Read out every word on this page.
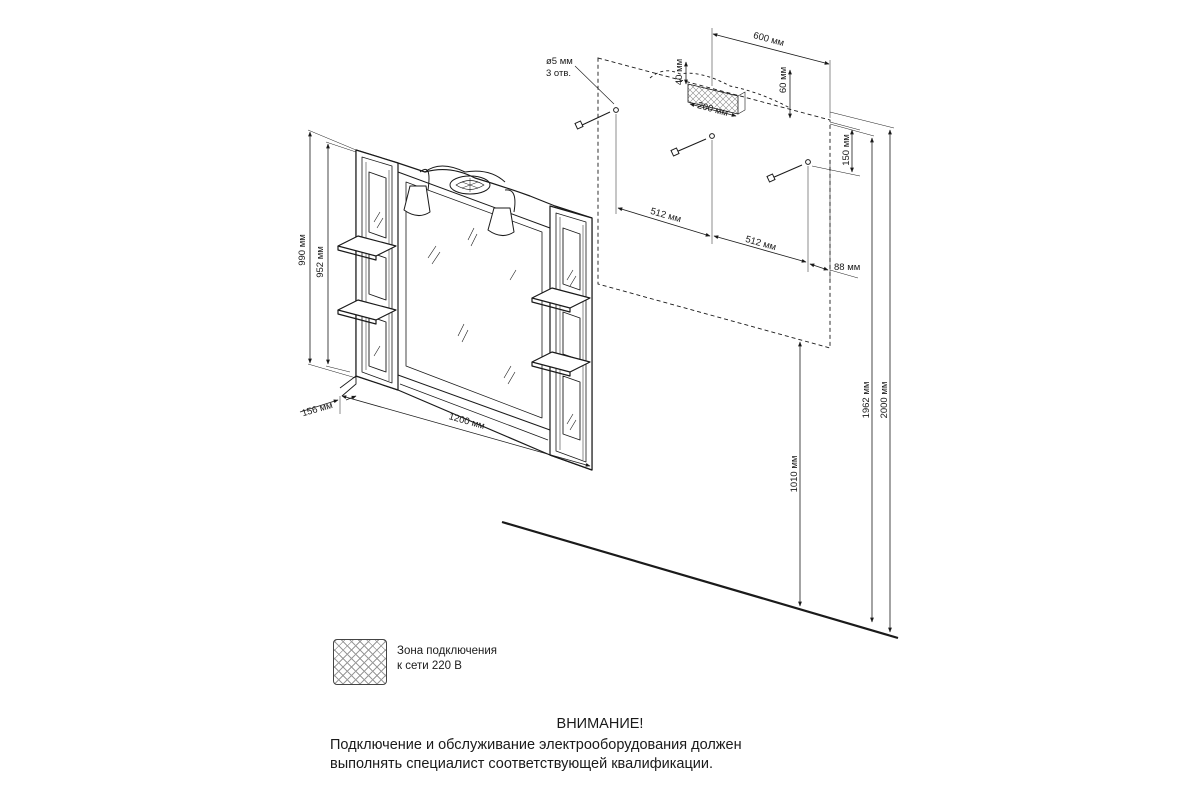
990 мм 952 мм
1200 мм
156 мм
ø5 мм
3 отв.
600 мм
40 мм	60 мм
200 мм
512 мм
512 мм
150 мм
88 мм
1010 мм
1962 мм 2000 мм
Зона подключения
к сети 220 В
ВНИМАНИЕ!
Подключение и обслуживание электрооборудования должен
выполнять специалист соответствующей квалификации.
